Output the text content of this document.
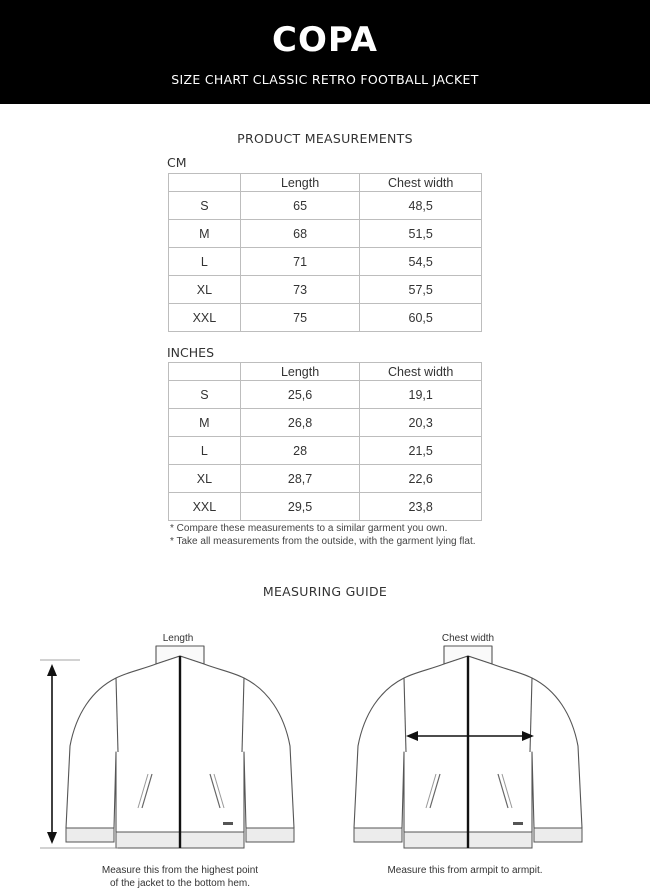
COPA
SIZE CHART CLASSIC RETRO FOOTBALL JACKET
PRODUCT MEASUREMENTS
CM
	Length	Chest width
S	65	48,5
M	68	51,5
L	71	54,5
XL	73	57,5
XXL	75	60,5
INCHES
	Length	Chest width
S	25,6	19,1
M	26,8	20,3
L	28	21,5
XL	28,7	22,6
XXL	29,5	23,8
* Compare these measurements to a similar garment you own.
* Take all measurements from the outside, with the garment lying flat.
MEASURING GUIDE
Length
Measure this from the highest point
of the jacket to the bottom hem.
Chest width
Measure this from armpit to armpit.
